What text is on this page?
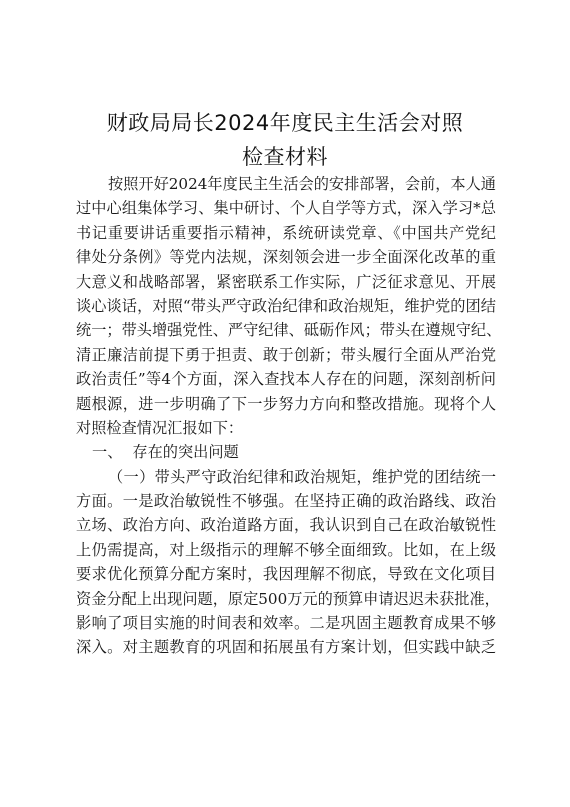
财政局局长2024年度民主生活会对照
检查材料
按照开好2024年度民主生活会的安排部署，会前，本人通
过中心组集体学习、集中研讨、个人自学等方式，深入学习*总
书记重要讲话重要指示精神，系统研读党章、《中国共产党纪
律处分条例》等党内法规，深刻领会进一步全面深化改革的重
大意义和战略部署，紧密联系工作实际，广泛征求意见、开展
谈心谈话，对照“带头严守政治纪律和政治规矩，维护党的团结
统一；带头增强党性、严守纪律、砥砺作风；带头在遵规守纪、
清正廉洁前提下勇于担责、敢于创新；带头履行全面从严治党
政治责任”等4个方面，深入查找本人存在的问题，深刻剖析问
题根源，进一步明确了下一步努力方向和整改措施。现将个人
对照检查情况汇报如下：
一、 存在的突出问题
（一）带头严守政治纪律和政治规矩，维护党的团结统一
方面。一是政治敏锐性不够强。在坚持正确的政治路线、政治
立场、政治方向、政治道路方面，我认识到自己在政治敏锐性
上仍需提高，对上级指示的理解不够全面细致。比如，在上级
要求优化预算分配方案时，我因理解不彻底，导致在文化项目
资金分配上出现问题，原定500万元的预算申请迟迟未获批准，
影响了项目实施的时间表和效率。二是巩固主题教育成果不够
深入。对主题教育的巩固和拓展虽有方案计划，但实践中缺乏
